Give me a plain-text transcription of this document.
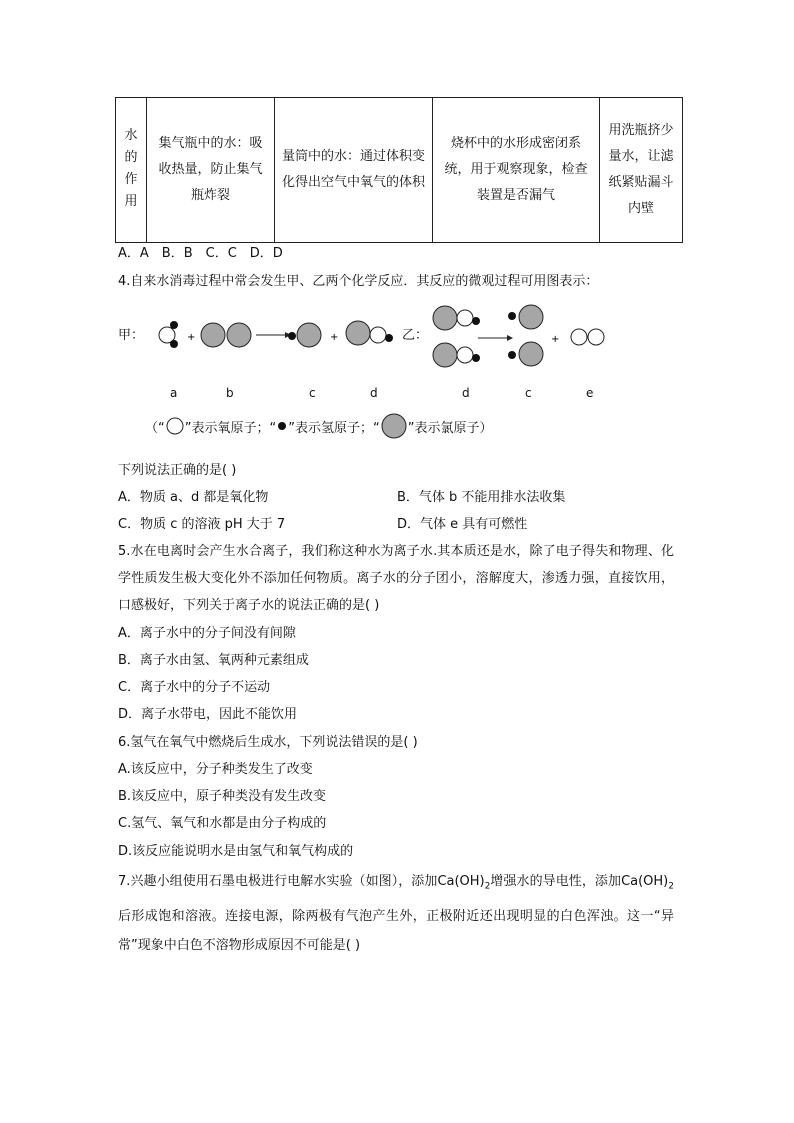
水的作用	集气瓶中的水：吸收热量，防止集气瓶炸裂	量筒中的水：通过体积变化得出空气中氧气的体积	烧杯中的水形成密闭系统，用于观察现象，检查装置是否漏气	用洗瓶挤少量水，让滤纸紧贴漏斗内壁
A．A　B．B　C．C　D．D
4.自来水消毒过程中常会发生甲、乙两个化学反应．其反应的微观过程可用图表示：
+	+	+
甲：	乙：
a	b	c	d	d	c	e
（“ ”表示氧原子；“ ”表示氢原子；“ ”表示氯原子）
下列说法正确的是( )
A．物质 a、d 都是氧化物	B．气体 b 不能用排水法收集
C．物质 c 的溶液 pH 大于 7	D．气体 e 具有可燃性
5.水在电离时会产生水合离子，我们称这种水为离子水.其本质还是水，除了电子得失和物理、化学性质发生极大变化外不添加任何物质。离子水的分子团小，溶解度大，渗透力强，直接饮用，口感极好，下列关于离子水的说法正确的是( )
A．离子水中的分子间没有间隙
B．离子水由氢、氧两种元素组成
C．离子水中的分子不运动
D．离子水带电，因此不能饮用
6.氢气在氧气中燃烧后生成水，下列说法错误的是( )
A.该反应中，分子种类发生了改变
B.该反应中，原子种类没有发生改变
C.氢气、氧气和水都是由分子构成的
D.该反应能说明水是由氢气和氧气构成的
7.兴趣小组使用石墨电极进行电解水实验（如图），添加$Ca(OH)_2$增强水的导电性，添加$Ca(OH)_2$后形成饱和溶液。连接电源，除两极有气泡产生外，正极附近还出现明显的白色浑浊。这一“异常”现象中白色不溶物形成原因不可能是( )
